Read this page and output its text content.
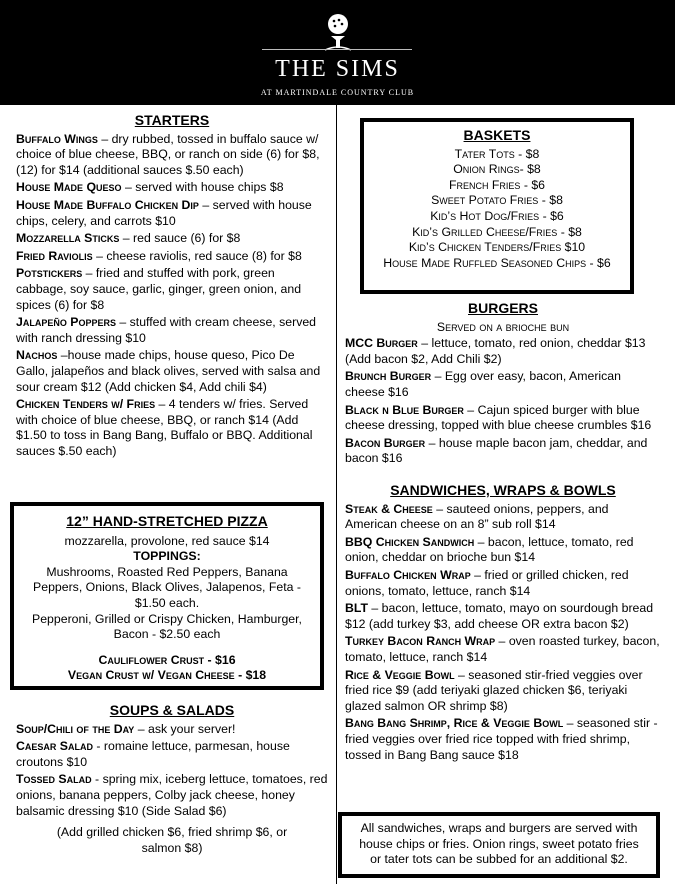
THE SIMS
AT MARTINDALE COUNTRY CLUB
STARTERS
Buffalo Wings – dry rubbed, tossed in buffalo sauce w/ choice of blue cheese, BBQ, or ranch on side (6) for $8, (12) for $14 (additional sauces $.50 each)
House Made Queso – served with house chips $8
House Made Buffalo Chicken Dip – served with house chips, celery, and carrots $10
Mozzarella Sticks – red sauce (6) for $8
Fried Raviolis – cheese raviolis, red sauce (8) for $8
Potstickers – fried and stuffed with pork, green cabbage, soy sauce, garlic, ginger, green onion, and spices (6) for $8
Jalapeño Poppers – stuffed with cream cheese, served with ranch dressing $10
Nachos –house made chips, house queso, Pico De Gallo, jalapeños and black olives, served with salsa and sour cream $12 (Add chicken $4, Add chili $4)
Chicken Tenders w/ Fries – 4 tenders w/ fries. Served with choice of blue cheese, BBQ, or ranch $14 (Add $1.50 to toss in Bang Bang, Buffalo or BBQ. Additional sauces $.50 each)
12” HAND-STRETCHED PIZZA
mozzarella, provolone, red sauce $14
TOPPINGS:
Mushrooms, Roasted Red Peppers, Banana Peppers, Onions, Black Olives, Jalapenos, Feta - $1.50 each.
Pepperoni, Grilled or Crispy Chicken, Hamburger, Bacon - $2.50 each
Cauliflower Crust - $16
Vegan Crust w/ Vegan Cheese - $18
SOUPS & SALADS
Soup/Chili of the Day – ask your server!
Caesar Salad - romaine lettuce, parmesan, house croutons $10
Tossed Salad - spring mix, iceberg lettuce, tomatoes, red onions, banana peppers, Colby jack cheese, honey balsamic dressing $10 (Side Salad $6)
(Add grilled chicken $6, fried shrimp $6, or salmon $8)
BASKETS
Tater Tots - $8
Onion Rings- $8
French Fries - $6
Sweet Potato Fries - $8
Kid’s Hot Dog/Fries - $6
Kid’s Grilled Cheese/Fries - $8
Kid’s Chicken Tenders/Fries $10
House Made Ruffled Seasoned Chips - $6
BURGERS
Served on a brioche bun
MCC Burger – lettuce, tomato, red onion, cheddar $13 (Add bacon $2, Add Chili $2)
Brunch Burger – Egg over easy, bacon, American cheese $16
Black n Blue Burger – Cajun spiced burger with blue cheese dressing, topped with blue cheese crumbles $16
Bacon Burger – house maple bacon jam, cheddar, and bacon $16
SANDWICHES, WRAPS & BOWLS
Steak & Cheese – sauteed onions, peppers, and American cheese on an 8” sub roll $14
BBQ Chicken Sandwich – bacon, lettuce, tomato, red onion, cheddar on brioche bun $14
Buffalo Chicken Wrap – fried or grilled chicken, red onions, tomato, lettuce, ranch $14
BLT – bacon, lettuce, tomato, mayo on sourdough bread $12 (add turkey $3, add cheese OR extra bacon $2)
Turkey Bacon Ranch Wrap – oven roasted turkey, bacon, tomato, lettuce, ranch $14
Rice & Veggie Bowl – seasoned stir-fried veggies over fried rice $9 (add teriyaki glazed chicken $6, teriyaki glazed salmon OR shrimp $8)
Bang Bang Shrimp, Rice & Veggie Bowl – seasoned stir -fried veggies over fried rice topped with fried shrimp, tossed in Bang Bang sauce $18
All sandwiches, wraps and burgers are served with house chips or fries. Onion rings, sweet potato fries or tater tots can be subbed for an additional $2.
